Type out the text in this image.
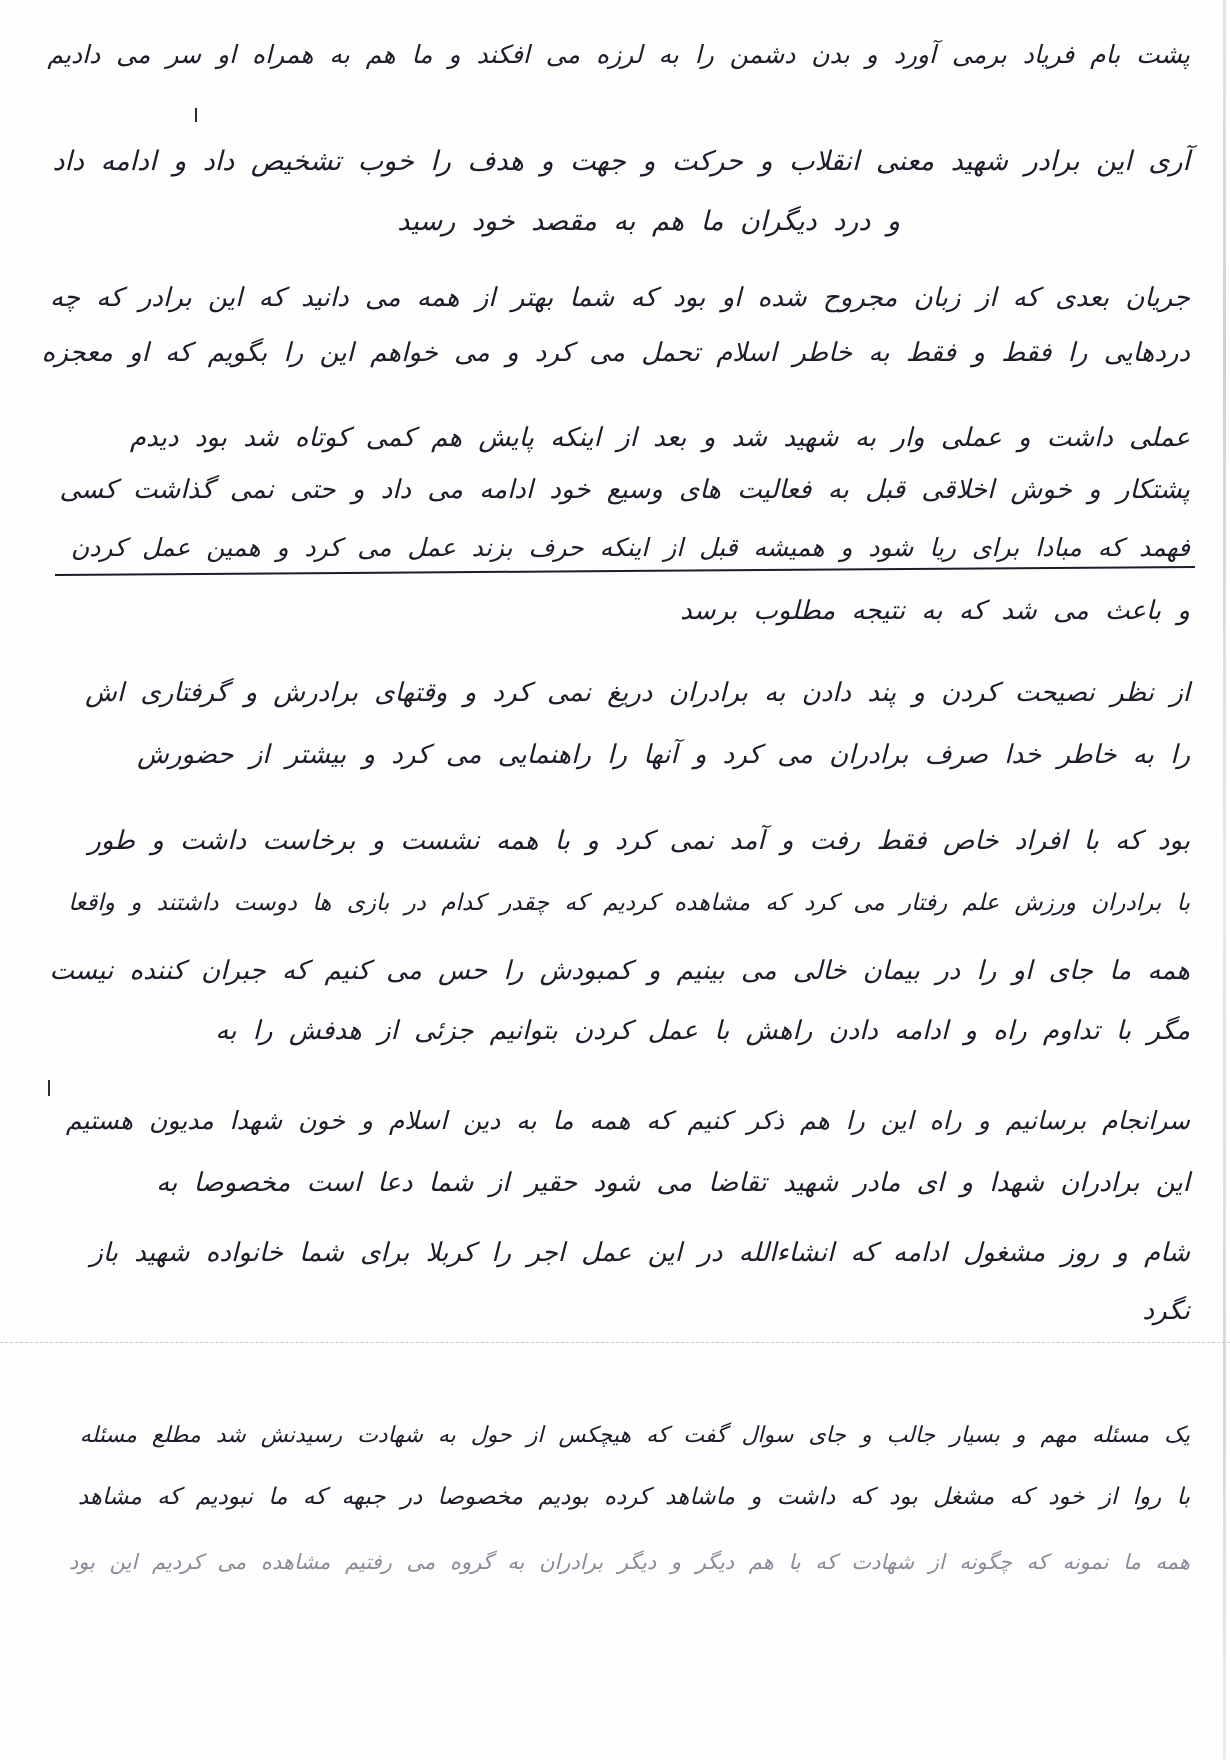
پشت بام فریاد برمی آورد و بدن دشمن را به لرزه می افکند و ما هم به همراه او سر می دادیم
آری این برادر شهید معنی انقلاب و حرکت و جهت و هدف را خوب تشخیص داد و ادامه داد
و درد دیگران ما هم به مقصد خود رسید
جریان بعدی که از زبان مجروح شده او بود که شما بهتر از همه می دانید که این برادر که چه
دردهایی را فقط و فقط به خاطر اسلام تحمل می کرد و می خواهم این را بگویم که او معجزه
عملی داشت و عملی وار به شهید شد و بعد از اینکه پایش هم کمی کوتاه شد بود دیدم
پشتکار و خوش اخلاقی قبل به فعالیت های وسیع خود ادامه می داد و حتی نمی گذاشت کسی
فهمد که مبادا برای ریا شود و همیشه قبل از اینکه حرف بزند عمل می کرد و همین عمل کردن
و باعث می شد که به نتیجه مطلوب برسد
از نظر نصیحت کردن و پند دادن به برادران دریغ نمی کرد و وقتهای برادرش و گرفتاری اش
را به خاطر خدا صرف برادران می کرد و آنها را راهنمایی می کرد و بیشتر از حضورش
بود که با افراد خاص فقط رفت و آمد نمی کرد و با همه نشست و برخاست داشت و طور
با برادران ورزش علم رفتار می کرد که مشاهده کردیم که چقدر کدام در بازی ها دوست داشتند و واقعا
همه ما جای او را در بیمان خالی می بینیم و کمبودش را حس می کنیم که جبران کننده نیست
مگر با تداوم راه و ادامه دادن راهش با عمل کردن بتوانیم جزئی از هدفش را به
سرانجام برسانیم و راه این را هم ذکر کنیم که همه ما به دین اسلام و خون شهدا مدیون هستیم
این برادران شهدا و ای مادر شهید تقاضا می شود حقیر از شما دعا است مخصوصا به
شام و روز مشغول ادامه که انشاءالله در این عمل اجر را کربلا برای شما خانواده شهید باز
نگرد
یک مسئله مهم و بسیار جالب و جای سوال گفت که هیچکس از حول به شهادت رسیدنش شد مطلع مسئله
با روا از خود که مشغل بود که داشت و ماشاهد کرده بودیم مخصوصا در جبهه که ما نبودیم که مشاهد
همه ما نمونه که چگونه از شهادت که با هم دیگر و دیگر برادران به گروه می رفتیم مشاهده می کردیم این بود
